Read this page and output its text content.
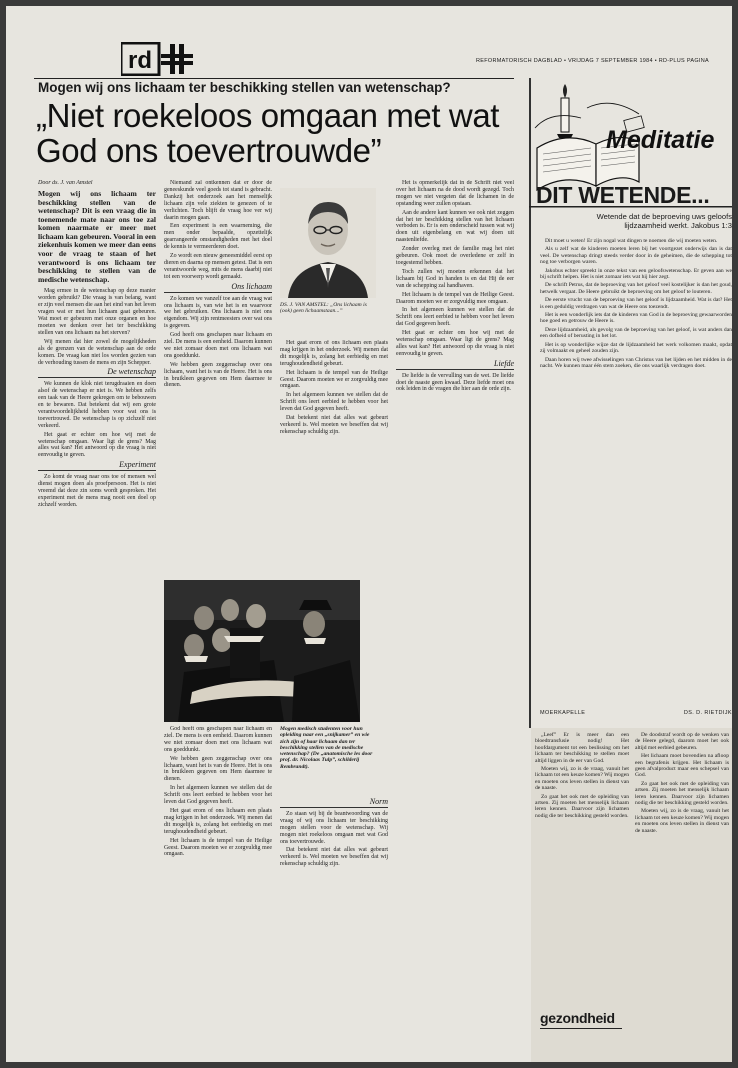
rd	REFORMATORISCH DAGBLAD • VRIJDAG 7 SEPTEMBER 1984 • RD-PLUS PAGINA
Mogen wij ons lichaam ter beschikking stellen van wetenschap?
„Niet roekeloos omgaan met wat God ons toevertrouwde”
Door ds. J. van Amstel
Mogen wij ons lichaam ter beschikking stellen van de wetenschap? Dit is een vraag die in toenemende mate naar ons toe zal komen naarmate er meer met lichaam kan gebeuren. Vooral in een ziekenhuis komen we meer dan eens voor de vraag te staan of het verantwoord is ons lichaam ter beschikking te stellen van de medische wetenschap.

Mag ermee in de wetenschap op deze manier worden gebruikt? Die vraag is van belang, want er zijn veel mensen die aan het eind van het leven vragen wat er met hun lichaam gaat gebeuren. Wat moet er gebeuren met onze organen en hoe moeten we denken over het ter beschikking stellen van ons lichaam na het sterven?

Wij menen dat hier zowel de mogelijkheden als de grenzen van de wetenschap aan de orde komen. De vraag kan niet los worden gezien van de verhouding tussen de mens en zijn Schepper.

De wetenschap

We kunnen de klok niet terugdraaien en doen alsof de wetenschap er niet is. We hebben zelfs een taak van de Heere gekregen om te bebouwen en te bewaren. Dat betekent dat wij een grote verantwoordelijkheid hebben voor wat ons is toevertrouwd. De wetenschap is op zichzelf niet verkeerd.

Het gaat er echter om hoe wij met de wetenschap omgaan. Waar ligt de grens? Mag alles wat kan? Het antwoord op die vraag is niet eenvoudig te geven.

Experiment

Zo komt de vraag naar ons toe of mensen wel dienst mogen doen als proefpersoon. Het is niet vreemd dat deze zin soms wordt gesproken. Het experiment met de mens mag nooit een doel op zichzelf worden.

Niemand zal ontkennen dat er door de geneeskunde veel goeds tot stand is gebracht. Dankzij het onderzoek aan het menselijk lichaam zijn vele ziekten te genezen of te verlichten. Toch blijft de vraag hoe ver wij daarin mogen gaan.

Een experiment is een waarneming, die men onder bepaalde, opzettelijk gearrangeerde omstandigheden met het doel de kennis te vermeerderen doet.

Zo wordt een nieuw geneesmiddel eerst op dieren en daarna op mensen getest. Dat is een verantwoorde weg, mits de mens daarbij niet tot een voorwerp wordt gemaakt.

Ons lichaam

Zo komen we vanzelf toe aan de vraag wat ons lichaam is, van wie het is en waarvoor we het gebruiken. Ons lichaam is niet ons eigendom. Wij zijn rentmeesters over wat ons is gegeven.

God heeft ons geschapen naar lichaam en ziel. De mens is een eenheid. Daarom kunnen we niet zomaar doen met ons lichaam wat ons goeddunkt.

We hebben geen zeggenschap over ons lichaam, want het is van de Heere. Het is ons in bruikleen gegeven om Hem daarmee te dienen.

DS. J. VAN AMSTEL: „Ons lichaam is (ook) geen lichaamstaan...”

Het gaat erom of ons lichaam een plaats mag krijgen in het onderzoek. Wij menen dat dit mogelijk is, zolang het eerbiedig en met terughoudendheid gebeurt.

Het lichaam is de tempel van de Heilige Geest. Daarom moeten we er zorgvuldig mee omgaan.

In het algemeen kunnen we stellen dat de Schrift ons leert eerbied te hebben voor het leven dat God gegeven heeft.

Dat betekent niet dat alles wat gebeurt verkeerd is. Wel moeten we beseffen dat wij rekenschap schuldig zijn.

God heeft ons geschapen naar lichaam en ziel. De mens is een eenheid. Daarom kunnen we niet zomaar doen met ons lichaam wat ons goeddunkt.

We hebben geen zeggenschap over ons lichaam, want het is van de Heere. Het is ons in bruikleen gegeven om Hem daarmee te dienen.

In het algemeen kunnen we stellen dat de Schrift ons leert eerbied te hebben voor het leven dat God gegeven heeft.

Het gaat erom of ons lichaam een plaats mag krijgen in het onderzoek. Wij menen dat dit mogelijk is, zolang het eerbiedig en met terughoudendheid gebeurt.

Het lichaam is de tempel van de Heilige Geest. Daarom moeten we er zorgvuldig mee omgaan.

Mogen medisch studenten voor hun opleiding naar een „snijkamer” en wie zich zijn of haar lichaam dan ter beschikking stellen van de medische wetenschap? (De „anatomische les door prof. dr. Nicolaas Tulp”, schilderij Rembrandt).
Norm

Zo staan wij bij de beantwoording van de vraag of wij ons lichaam ter beschikking mogen stellen voor de wetenschap. Wij mogen niet roekeloos omgaan met wat God ons toevertrouwde.

Dat betekent niet dat alles wat gebeurt verkeerd is. Wel moeten we beseffen dat wij rekenschap schuldig zijn.

Het is opmerkelijk dat in de Schrift niet veel over het lichaam na de dood wordt gezegd. Toch mogen we niet vergeten dat de lichamen in de opstanding weer zullen opstaan.

Aan de andere kant kunnen we ook niet zeggen dat het ter beschikking stellen van het lichaam verboden is. Er is een onderscheid tussen wat wij doen uit eigenbelang en wat wij doen uit naastenliefde.

Zonder overleg met de familie mag het niet gebeuren. Ook moet de overledene er zelf in toegestemd hebben.

Toch zullen wij moeten erkennen dat het lichaam bij God in handen is en dat Hij de eer van de schepping zal handhaven.

Het lichaam is de tempel van de Heilige Geest. Daarom moeten we er zorgvuldig mee omgaan.

In het algemeen kunnen we stellen dat de Schrift ons leert eerbied te hebben voor het leven dat God gegeven heeft.

Het gaat er echter om hoe wij met de wetenschap omgaan. Waar ligt de grens? Mag alles wat kan? Het antwoord op die vraag is niet eenvoudig te geven.

Liefde

De liefde is de vervulling van de wet. De liefde doet de naaste geen kwaad. Deze liefde moet ons ook leiden in de vragen die hier aan de orde zijn.

Meditatie
DIT WETENDE...
Wetende dat de beproeving uws geloofs lijdzaamheid werkt. Jakobus 1:3

Dit moet u weten! Er zijn nogal wat dingen te noemen die wij moeten weten.

Als u zelf wat de kinderen moeten leren bij het voortgezet onderwijs dan is dat veel. De wetenschap dringt steeds verder door in de geheimen, die de schepping tot nog toe verborgen waren.

Jakobus echter spreekt in onze tekst van een geloofswetenschap. Er geven aan we bij schrift helpen. Het is niet zomaar iets wat hij hier zegt.

De schrift Petrus, dat de beproeving van het geloof veel kostelijker is dan het goud, hetwelk vergaat. De Heere gebruikt de beproeving om het geloof te louteren.

De eerste vrucht van de beproeving van het geloof is lijdzaamheid. Wat is dat? Het is een geduldig verdragen van wat de Heere ons toezendt.

Het is een wonderlijk iets dat de kinderen van God in de beproeving gewaarworden hoe goed en getrouw de Heere is.

Deze lijdzaamheid, als gevolg van de beproeving van het geloof, is wat anders dan een dofheid of berusting in het lot.

Het is op wonderlijke wijze dat de lijdzaamheid het werk volkomen maakt, opdat zij volmaakt en geheel zouden zijn.

Daan horen wij twee afwisselingen van Christus van het lijden en het midden in de nacht. We kunnen maar één stem zoeken, die ons waarlijk verdragen doet.

MOERKAPELLE	DS. D. RIETDIJK

„Leef” Er is meer dan een bloedtransfusie nodig! Het hoofdargument tot een beslissing om het lichaam ter beschikking te stellen moet altijd liggen in de eer van God.

Moeten wij, zo is de vraag, vanuit het lichaam tot een keuze komen? Wij mogen en moeten ons leven stellen in dienst van de naaste.

Zo gaat het ook met de opleiding van artsen. Zij moeten het menselijk lichaam leren kennen. Daarvoor zijn lichamen nodig die ter beschikking gesteld worden.

De doodstraf wordt op de wenken van de Heere gelegd, daarom moet het ook altijd met eerbied gebeuren.

Het lichaam moet bovendien na afloop een begrafenis krijgen. Het lichaam is geen afvalproduct maar een schepsel van God.

Zo gaat het ook met de opleiding van artsen. Zij moeten het menselijk lichaam leren kennen. Daarvoor zijn lichamen nodig die ter beschikking gesteld worden.

Moeten wij, zo is de vraag, vanuit het lichaam tot een keuze komen? Wij mogen en moeten ons leven stellen in dienst van de naaste.

gezondheid
